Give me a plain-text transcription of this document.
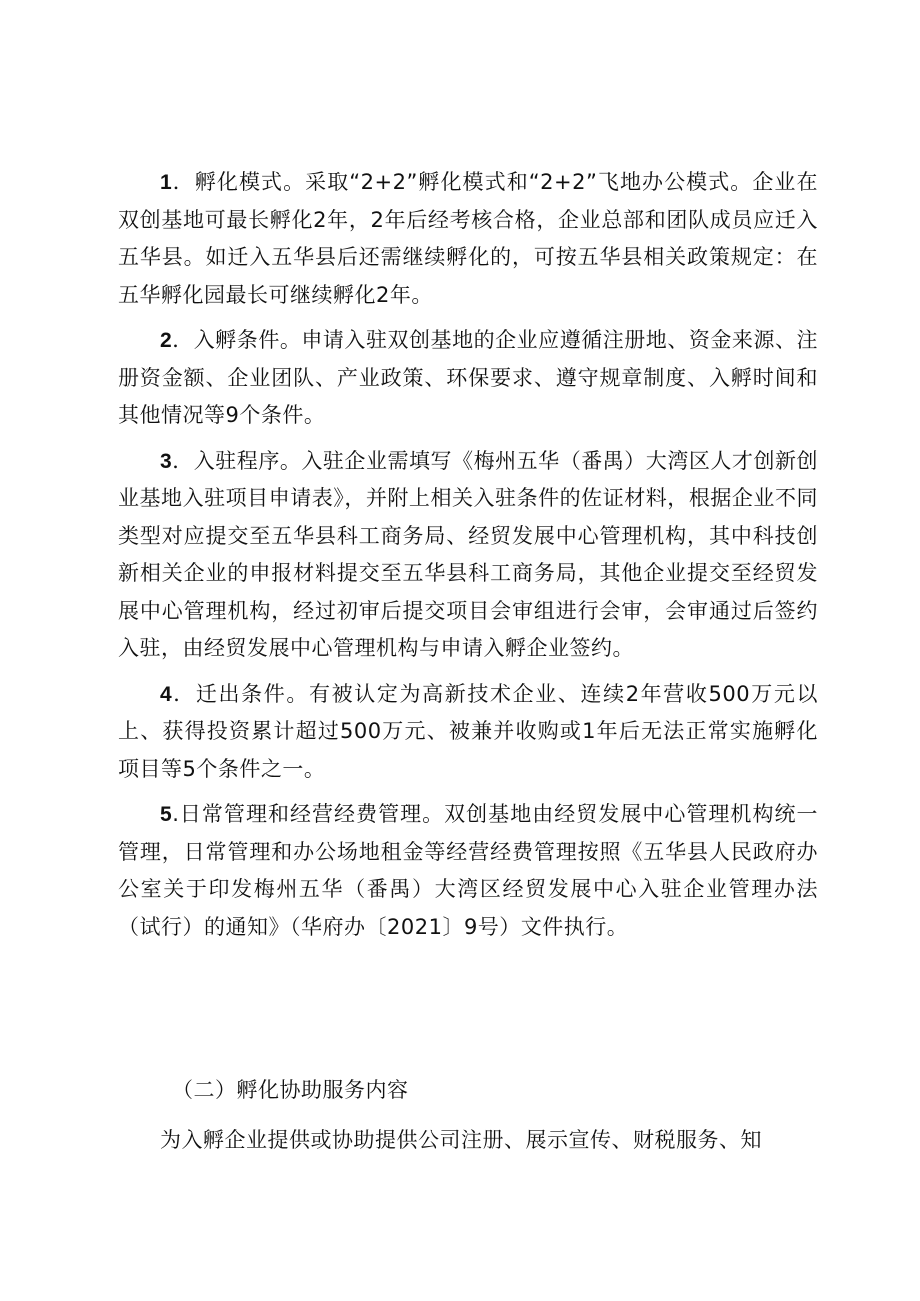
1．孵化模式。采取“2+2”孵化模式和“2+2”飞地办公模式。企业在双创基地可最长孵化2年，2年后经考核合格，企业总部和团队成员应迁入五华县。如迁入五华县后还需继续孵化的，可按五华县相关政策规定：在五华孵化园最长可继续孵化2年。

2．入孵条件。申请入驻双创基地的企业应遵循注册地、资金来源、注册资金额、企业团队、产业政策、环保要求、遵守规章制度、入孵时间和其他情况等9个条件。

3．入驻程序。入驻企业需填写《梅州五华（番禺）大湾区人才创新创业基地入驻项目申请表》，并附上相关入驻条件的佐证材料，根据企业不同类型对应提交至五华县科工商务局、经贸发展中心管理机构，其中科技创新相关企业的申报材料提交至五华县科工商务局，其他企业提交至经贸发展中心管理机构，经过初审后提交项目会审组进行会审，会审通过后签约入驻，由经贸发展中心管理机构与申请入孵企业签约。

4．迁出条件。有被认定为高新技术企业、连续2年营收500万元以上、获得投资累计超过500万元、被兼并收购或1年后无法正常实施孵化项目等5个条件之一。

5.日常管理和经营经费管理。双创基地由经贸发展中心管理机构统一管理，日常管理和办公场地租金等经营经费管理按照《五华县人民政府办公室关于印发梅州五华（番禺）大湾区经贸发展中心入驻企业管理办法（试行）的通知》（华府办〔2021〕9号）文件执行。

（二）孵化协助服务内容

为入孵企业提供或协助提供公司注册、展示宣传、财税服务、知
